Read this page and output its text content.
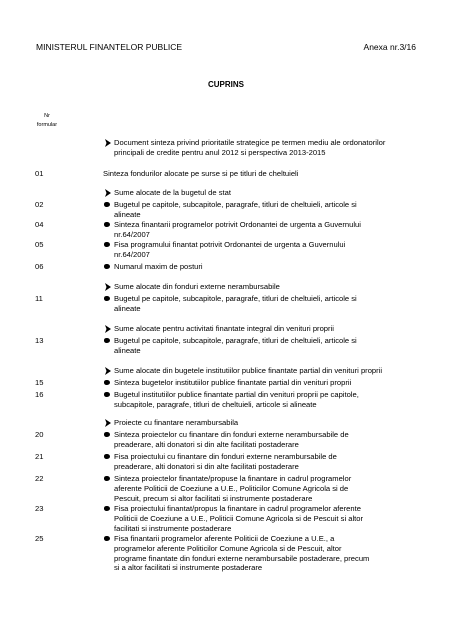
MINISTERUL FINANTELOR PUBLICE	Anexa nr.3/16
CUPRINS
Nr
formular
Document sinteza privind prioritatile strategice pe termen mediu ale ordonatorilor principali de credite pentru anul 2012 si perspectiva 2013-2015
01	Sinteza fondurilor alocate pe surse si pe titluri de cheltuieli
Sume alocate de la bugetul de stat
02	Bugetul pe capitole, subcapitole, paragrafe, titluri de cheltuieli, articole si alineate
04	Sinteza finantarii programelor potrivit Ordonantei de urgenta a Guvernului nr.64/2007
05	Fisa programului finantat potrivit Ordonantei de urgenta a Guvernului nr.64/2007
06	Numarul maxim de posturi
Sume alocate din fonduri externe nerambursabile
11	Bugetul pe capitole, subcapitole, paragrafe, titluri de cheltuieli, articole si alineate
Sume alocate pentru activitati finantate integral din venituri proprii
13	Bugetul pe capitole, subcapitole, paragrafe, titluri de cheltuieli, articole si alineate
Sume alocate din bugetele institutiilor publice finantate partial din venituri proprii
15	Sinteza bugetelor institutiilor publice finantate partial din venituri proprii
16	Bugetul institutiilor publice finantate partial din venituri proprii pe capitole, subcapitole, paragrafe, titluri de cheltuieli, articole si alineate
Proiecte cu finantare nerambursabila
20	Sinteza proiectelor cu finantare din fonduri externe nerambursabile de preaderare, alti donatori si din alte facilitati postaderare
21	Fisa proiectului cu finantare din fonduri externe nerambursabile de preaderare, alti donatori si din alte facilitati postaderare
22	Sinteza proiectelor finantate/propuse la finantare in cadrul programelor aferente Politicii de Coeziune a U.E., Politicilor Comune Agricola si de Pescuit, precum si altor facilitati si instrumente postaderare
23	Fisa proiectului finantat/propus la finantare in cadrul programelor aferente Politicii de Coeziune a U.E., Politicii Comune Agricola si de Pescuit si altor facilitati si instrumente postaderare
25	Fisa finantarii programelor aferente Politicii de Coeziune a U.E., a programelor aferente Politicilor Comune Agricola si de Pescuit, altor programe finantate din fonduri externe nerambursabile postaderare, precum si a altor facilitati si instrumente postaderare
